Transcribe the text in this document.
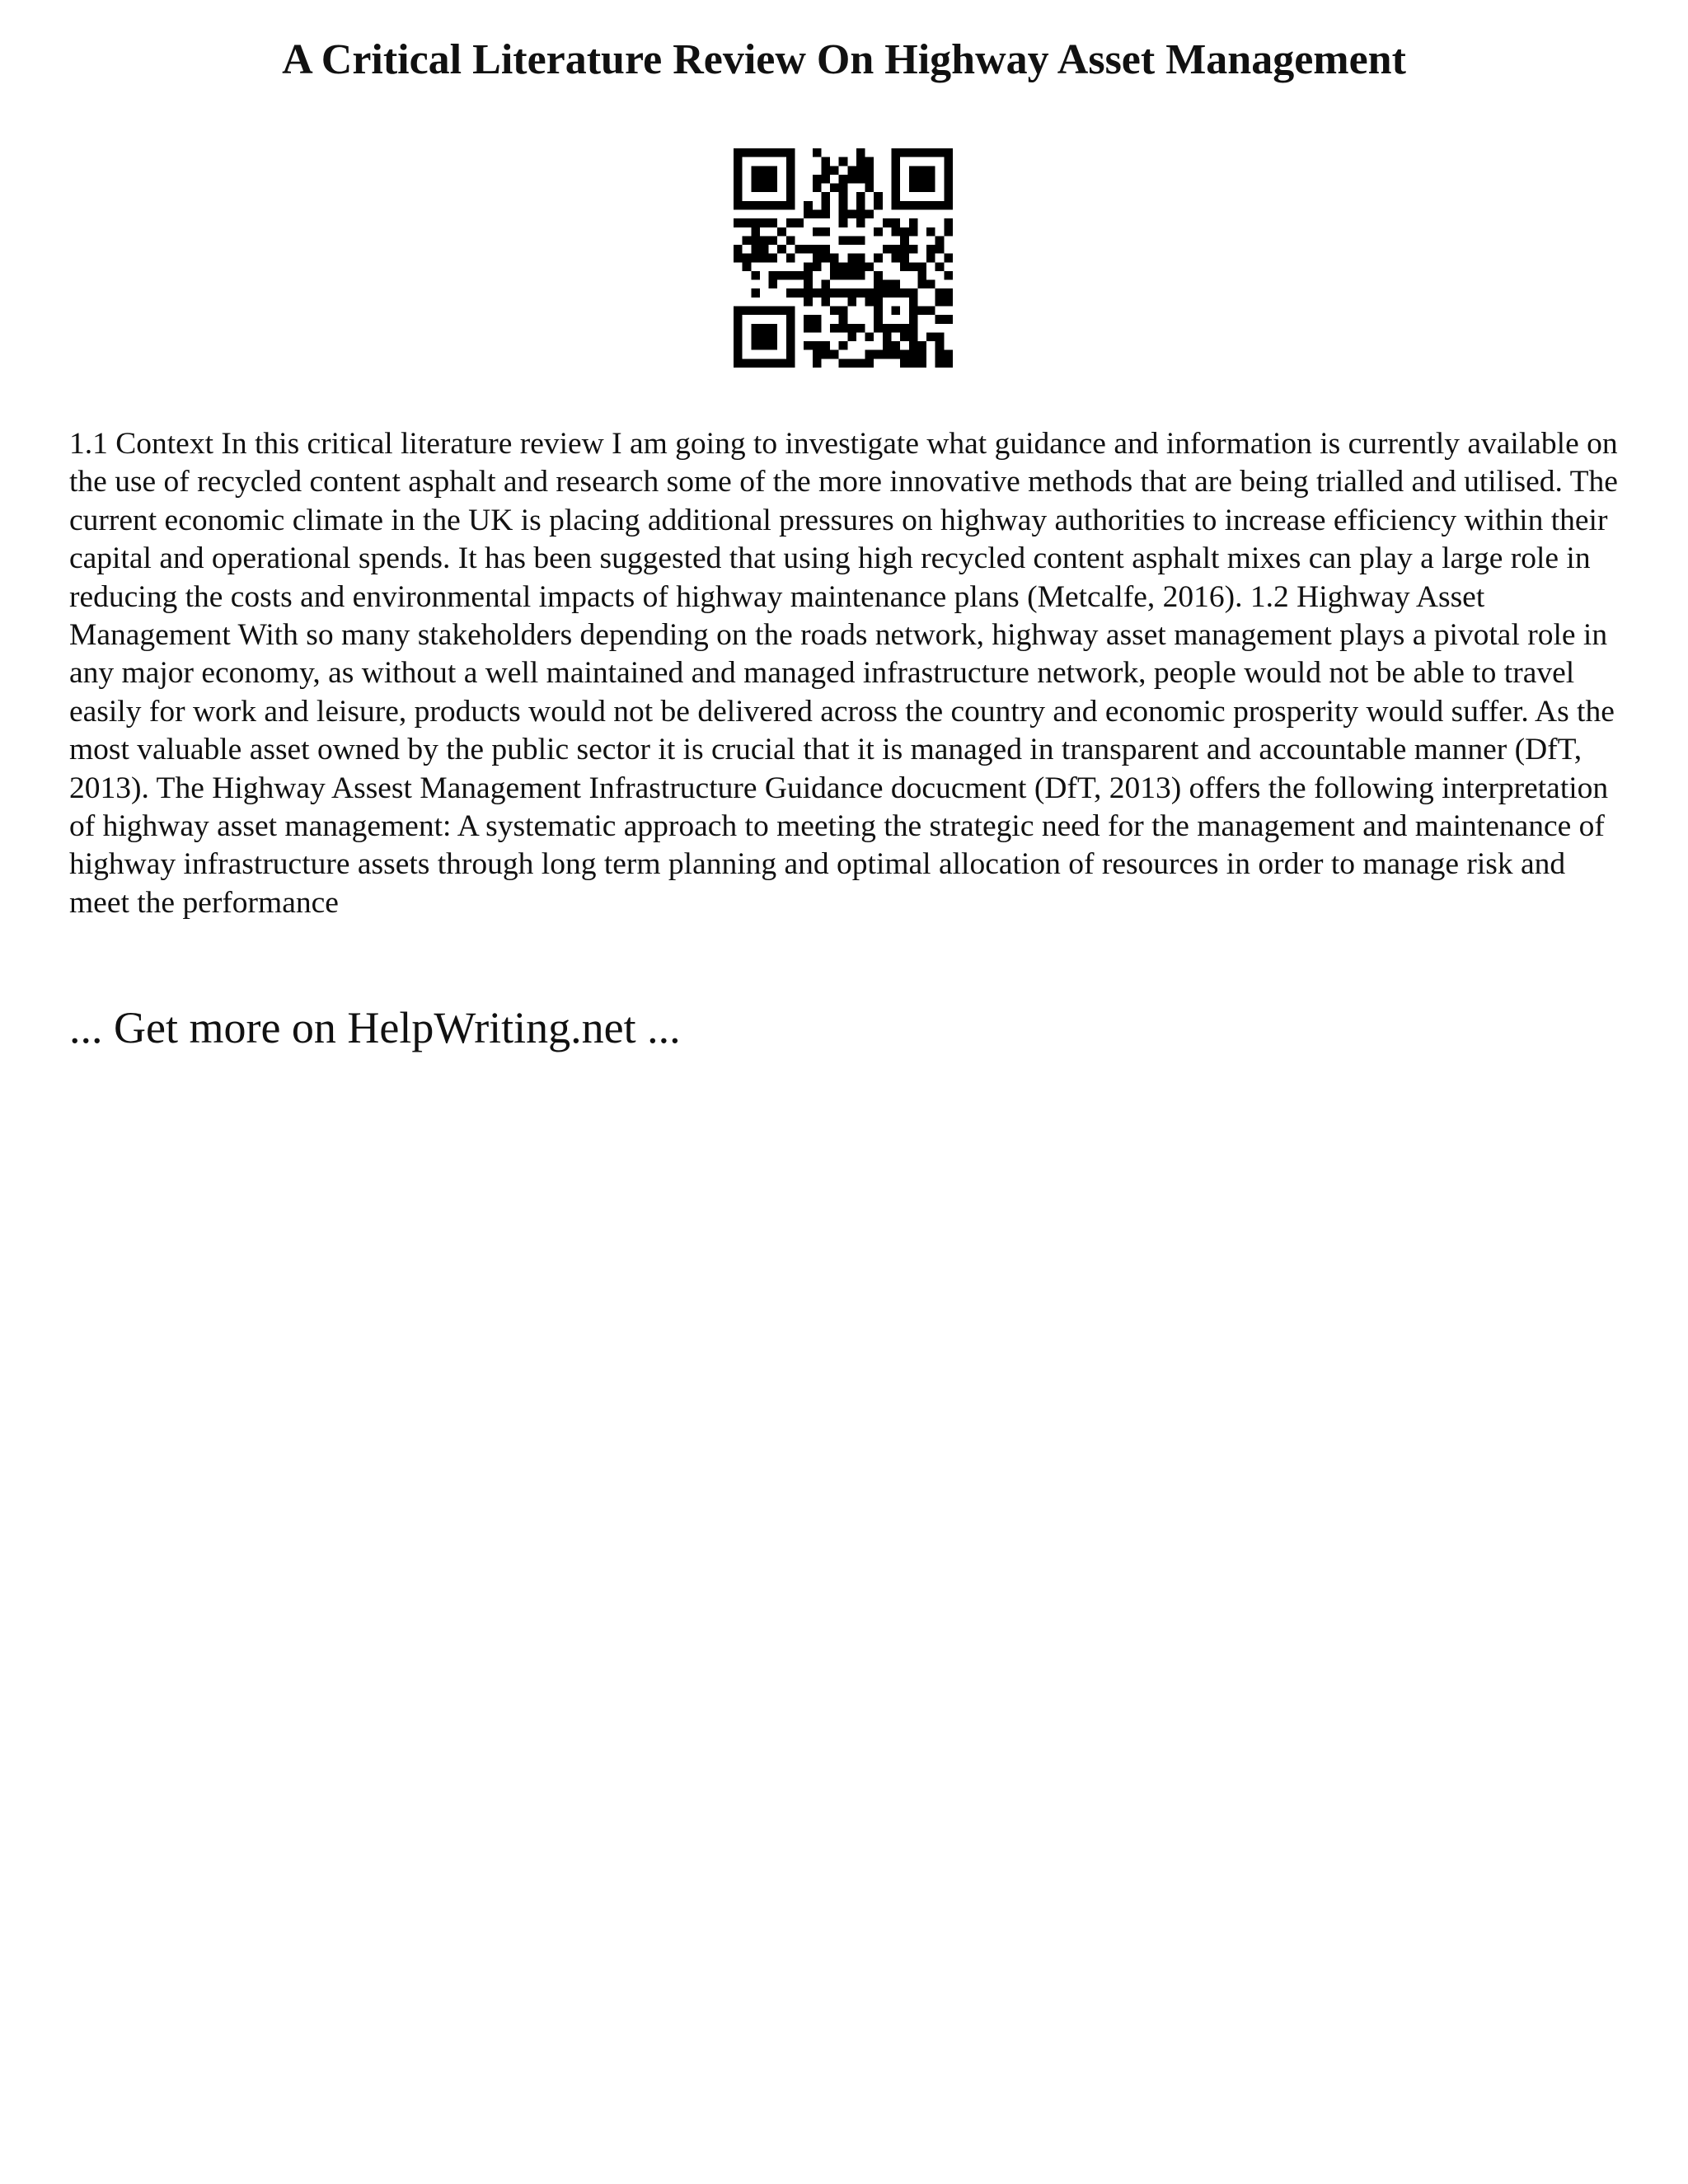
A Critical Literature Review On Highway Asset Management

1.1 Context In this critical literature review I am going to investigate what guidance and information is currently available on the use of recycled content asphalt and research some of the more innovative methods that are being trialled and utilised. The current economic climate in the UK is placing additional pressures on highway authorities to increase efficiency within their capital and operational spends. It has been suggested that using high recycled content asphalt mixes can play a large role in reducing the costs and environmental impacts of highway maintenance plans (Metcalfe, 2016). 1.2 Highway Asset Management With so many stakeholders depending on the roads network, highway asset management plays a pivotal role in any major economy, as without a well maintained and managed infrastructure network, people would not be able to travel easily for work and leisure, products would not be delivered across the country and economic prosperity would suffer. As the most valuable asset owned by the public sector it is crucial that it is managed in transparent and accountable manner (DfT, 2013). The Highway Assest Management Infrastructure Guidance docucment (DfT, 2013) offers the following interpretation of highway asset management: A systematic approach to meeting the strategic need for the management and maintenance of highway infrastructure assets through long term planning and optimal allocation of resources in order to manage risk and meet the performance

... Get more on HelpWriting.net ...
